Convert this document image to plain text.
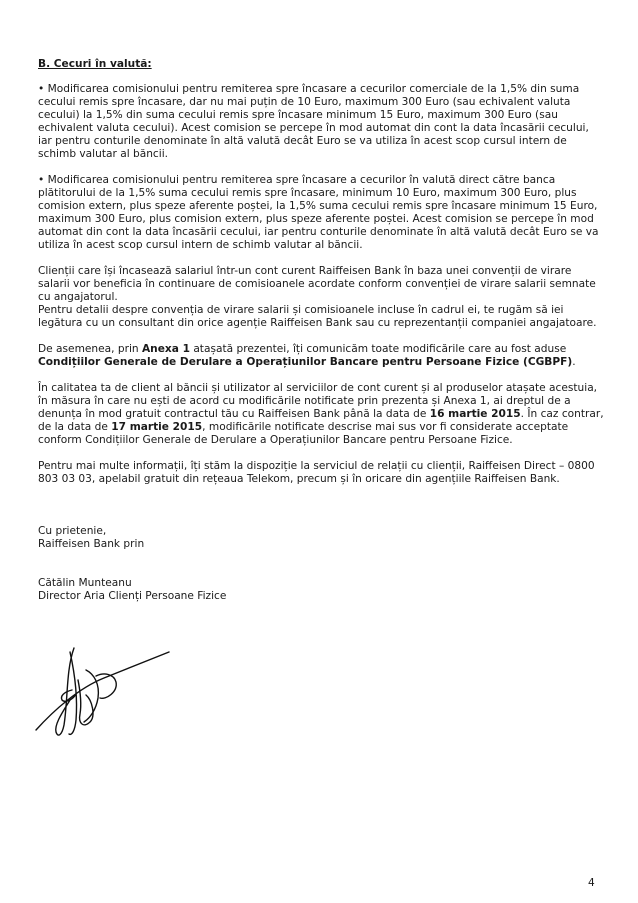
B. Cecuri în valută:

• Modificarea comisionului pentru remiterea spre încasare a cecurilor comerciale de la 1,5% din suma cecului remis spre încasare, dar nu mai puțin de 10 Euro, maximum 300 Euro (sau echivalent valuta cecului) la 1,5% din suma cecului remis spre încasare minimum 15 Euro, maximum 300 Euro (sau echivalent valuta cecului). Acest comision se percepe în mod automat din cont la data încasării cecului, iar pentru conturile denominate în altă valută decât Euro se va utiliza în acest scop cursul intern de schimb valutar al băncii.

• Modificarea comisionului pentru remiterea spre încasare a cecurilor în valută direct către banca plătitorului de la 1,5% suma cecului remis spre încasare, minimum 10 Euro, maximum 300 Euro, plus comision extern, plus speze aferente poștei, la 1,5% suma cecului remis spre încasare minimum 15 Euro, maximum 300 Euro, plus comision extern, plus speze aferente poștei. Acest comision se percepe în mod automat din cont la data încasării cecului, iar pentru conturile denominate în altă valută decât Euro se va utiliza în acest scop cursul intern de schimb valutar al băncii.

Clienții care își încasează salariul într-un cont curent Raiffeisen Bank în baza unei convenții de virare salarii vor beneficia în continuare de comisioanele acordate conform convenției de virare salarii semnate cu angajatorul.

Pentru detalii despre convenția de virare salarii și comisioanele incluse în cadrul ei, te rugăm să iei legătura cu un consultant din orice agenție Raiffeisen Bank sau cu reprezentanții companiei angajatoare.

De asemenea, prin Anexa 1 atașată prezentei, îți comunicăm toate modificările care au fost aduse Condițiilor Generale de Derulare a Operațiunilor Bancare pentru Persoane Fizice (CGBPF).

În calitatea ta de client al băncii și utilizator al serviciilor de cont curent și al produselor atașate acestuia, în măsura în care nu ești de acord cu modificările notificate prin prezenta și Anexa 1, ai dreptul de a denunța în mod gratuit contractul tău cu Raiffeisen Bank până la data de 16 martie 2015. În caz contrar, de la data de 17 martie 2015, modificările notificate descrise mai sus vor fi considerate acceptate conform Condițiilor Generale de Derulare a Operațiunilor Bancare pentru Persoane Fizice.

Pentru mai multe informații, îți stăm la dispoziție la serviciul de relații cu clienții, Raiffeisen Direct – 0800 803 03 03, apelabil gratuit din rețeaua Telekom, precum și în oricare din agențiile Raiffeisen Bank.

Cu prietenie,

Raiffeisen Bank prin

Cătălin Munteanu

Director Aria Clienți Persoane Fizice

4
